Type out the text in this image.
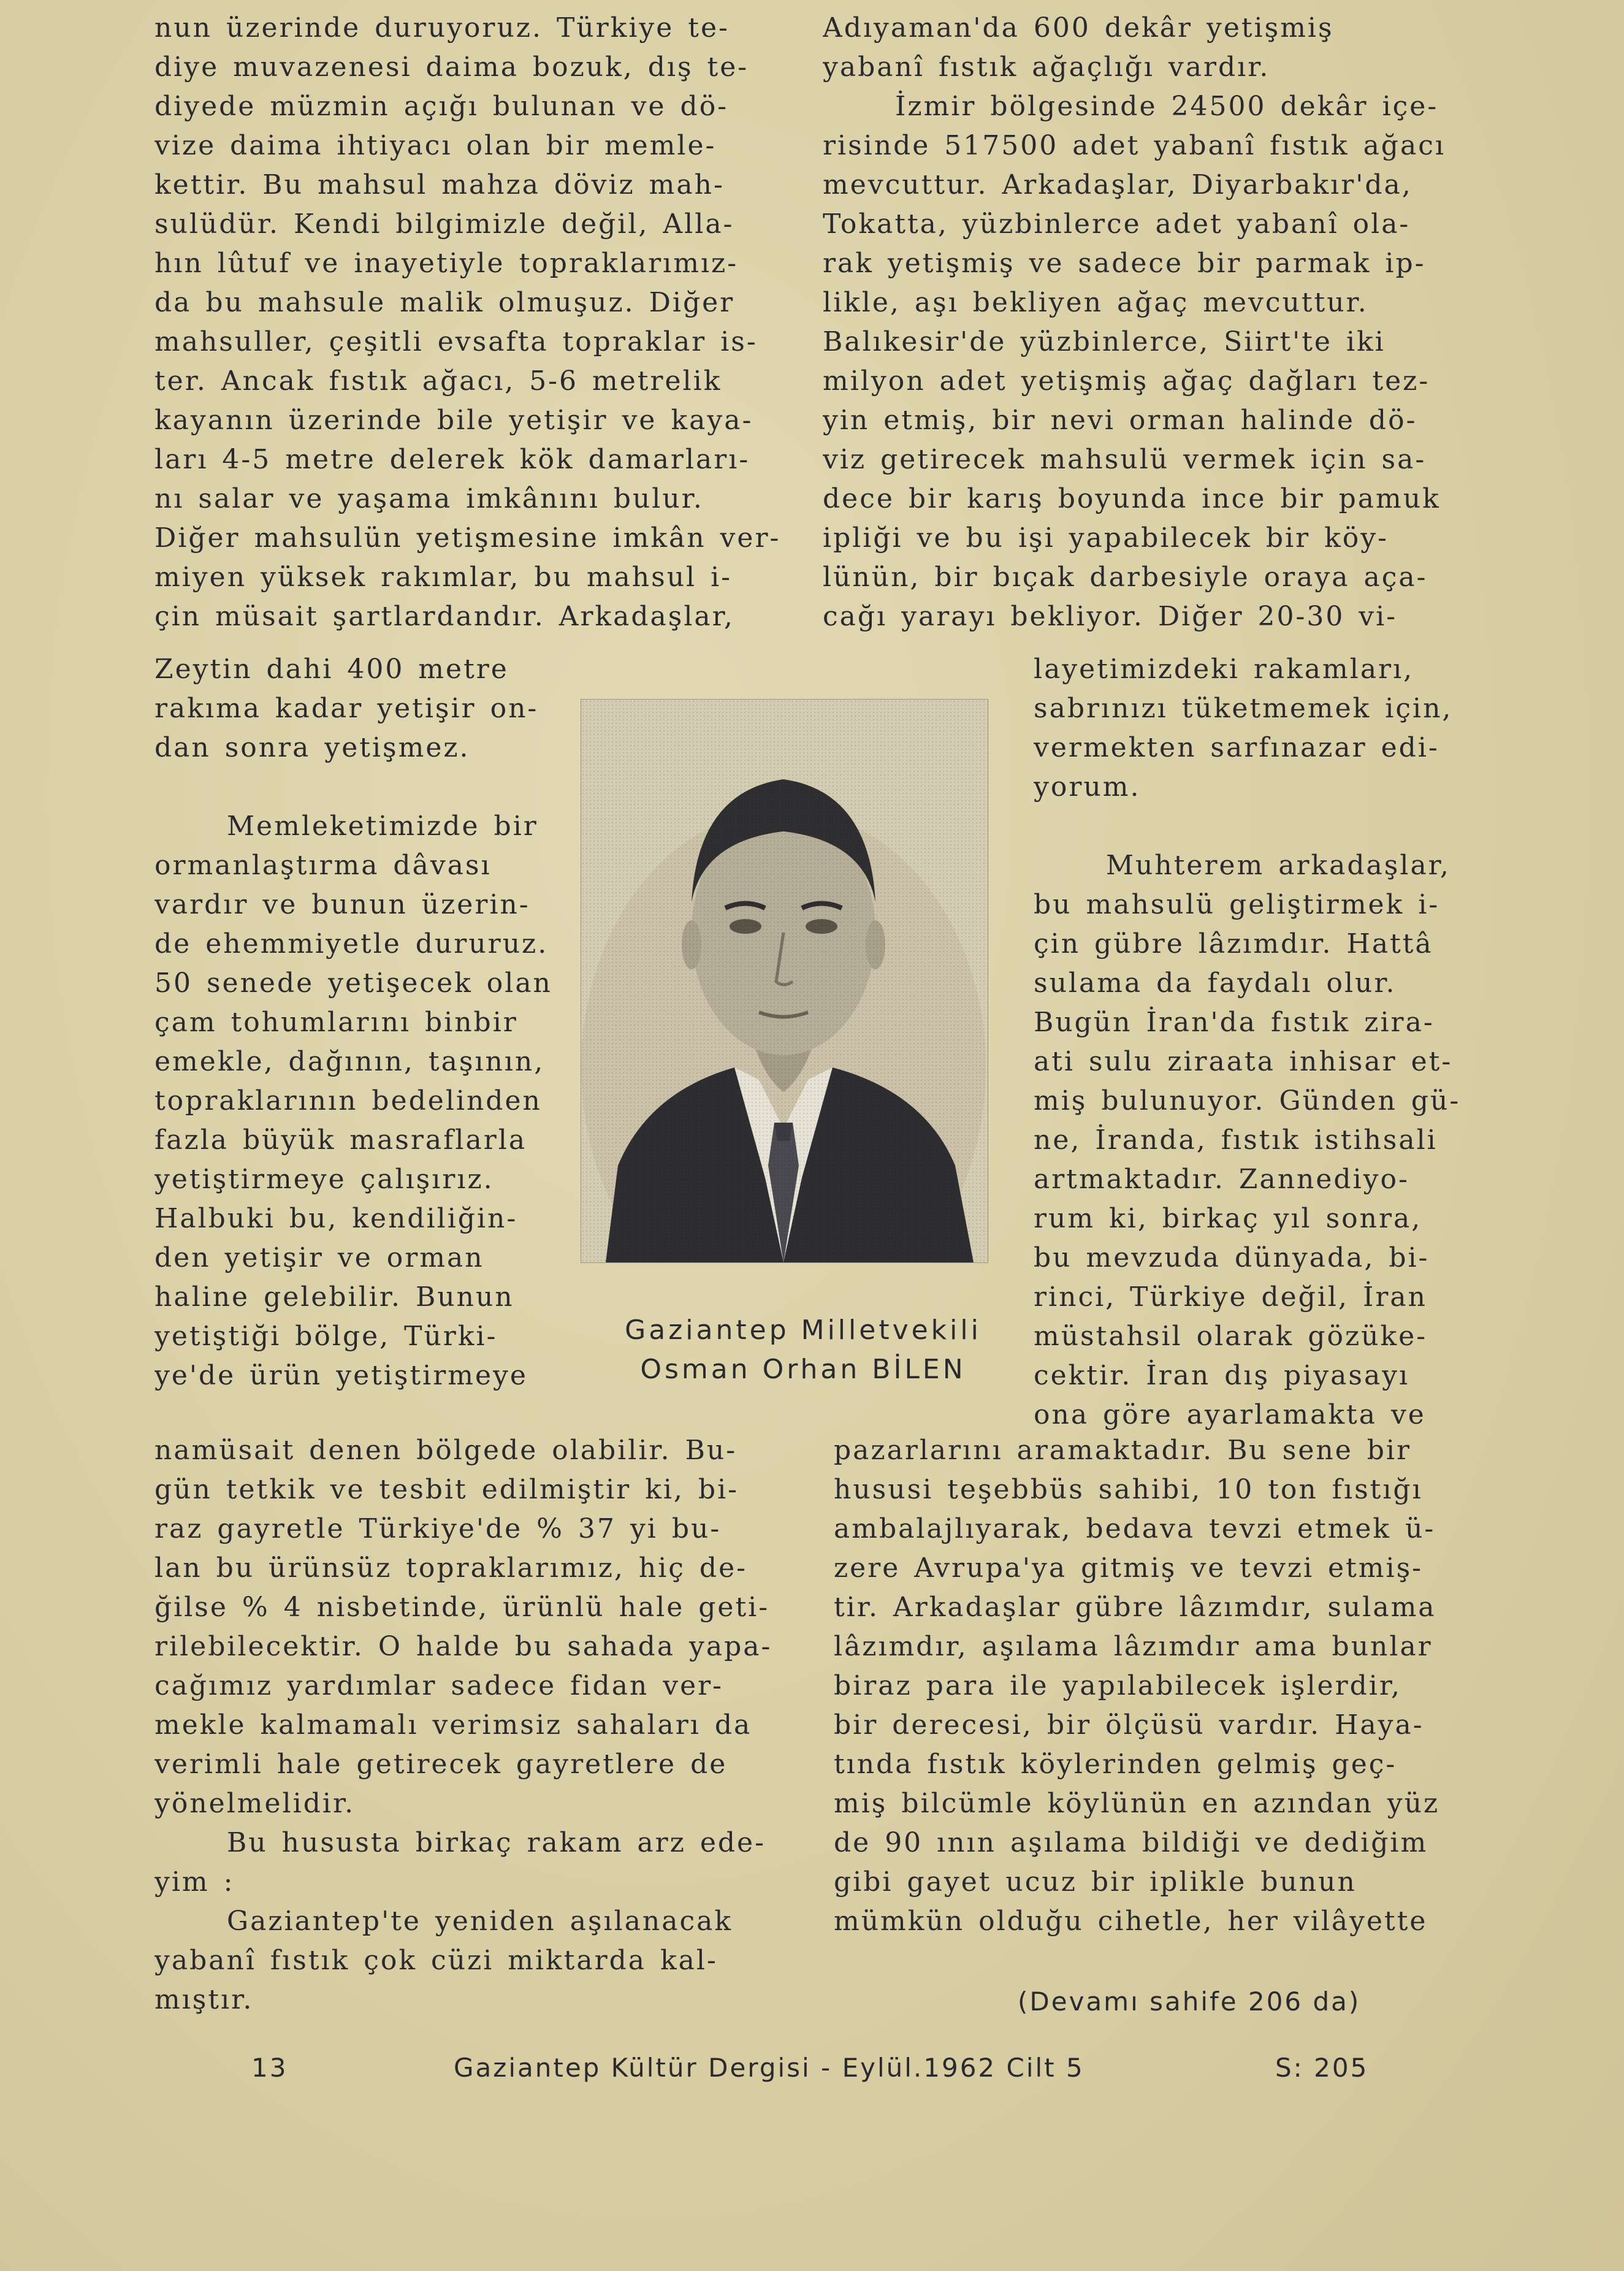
nun üzerinde duruyoruz. Türkiye te-
diye muvazenesi daima bozuk, dış te-
diyede müzmin açığı bulunan ve dö-
vize daima ihtiyacı olan bir memle-
kettir. Bu mahsul mahza döviz mah-
sulüdür. Kendi bilgimizle değil, Alla-
hın lûtuf ve inayetiyle topraklarımız-
da bu mahsule malik olmuşuz. Diğer
mahsuller, çeşitli evsafta topraklar is-
ter. Ancak fıstık ağacı, 5-6 metrelik
kayanın üzerinde bile yetişir ve kaya-
ları 4-5 metre delerek kök damarları-
nı salar ve yaşama imkânını bulur.
Diğer mahsulün yetişmesine imkân ver-
miyen yüksek rakımlar, bu mahsul i-
çin müsait şartlardandır. Arkadaşlar,
Zeytin dahi 400 metre
rakıma kadar yetişir on-
dan sonra yetişmez.
Memleketimizde bir
ormanlaştırma dâvası
vardır ve bunun üzerin-
de ehemmiyetle dururuz.
50 senede yetişecek olan
çam tohumlarını binbir
emekle, dağının, taşının,
topraklarının bedelinden
fazla büyük masraflarla
yetiştirmeye çalışırız.
Halbuki bu, kendiliğin-
den yetişir ve orman
haline gelebilir. Bunun
yetiştiği bölge, Türki-
ye'de ürün yetiştirmeye
namüsait denen bölgede olabilir. Bu-
gün tetkik ve tesbit edilmiştir ki, bi-
raz gayretle Türkiye'de % 37 yi bu-
lan bu ürünsüz topraklarımız, hiç de-
ğilse % 4 nisbetinde, ürünlü hale geti-
rilebilecektir. O halde bu sahada yapa-
cağımız yardımlar sadece fidan ver-
mekle kalmamalı verimsiz sahaları da
verimli hale getirecek gayretlere de
yönelmelidir.
Bu hususta birkaç rakam arz ede-
yim :
Gaziantep'te yeniden aşılanacak
yabanî fıstık çok cüzi miktarda kal-
mıştır.
Adıyaman'da 600 dekâr yetişmiş
yabanî fıstık ağaçlığı vardır.
İzmir bölgesinde 24500 dekâr içe-
risinde 517500 adet yabanî fıstık ağacı
mevcuttur. Arkadaşlar, Diyarbakır'da,
Tokatta, yüzbinlerce adet yabanî ola-
rak yetişmiş ve sadece bir parmak ip-
likle, aşı bekliyen ağaç mevcuttur.
Balıkesir'de yüzbinlerce, Siirt'te iki
milyon adet yetişmiş ağaç dağları tez-
yin etmiş, bir nevi orman halinde dö-
viz getirecek mahsulü vermek için sa-
dece bir karış boyunda ince bir pamuk
ipliği ve bu işi yapabilecek bir köy-
lünün, bir bıçak darbesiyle oraya aça-
cağı yarayı bekliyor. Diğer 20-30 vi-
layetimizdeki rakamları,
sabrınızı tüketmemek için,
vermekten sarfınazar edi-
yorum.
Muhterem arkadaşlar,
bu mahsulü geliştirmek i-
çin gübre lâzımdır. Hattâ
sulama da faydalı olur.
Bugün İran'da fıstık zira-
ati sulu ziraata inhisar et-
miş bulunuyor. Günden gü-
ne, İranda, fıstık istihsali
artmaktadır. Zannediyo-
rum ki, birkaç yıl sonra,
bu mevzuda dünyada, bi-
rinci, Türkiye değil, İran
müstahsil olarak gözüke-
cektir. İran dış piyasayı
ona göre ayarlamakta ve
pazarlarını aramaktadır. Bu sene bir
hususi teşebbüs sahibi, 10 ton fıstığı
ambalajlıyarak, bedava tevzi etmek ü-
zere Avrupa'ya gitmiş ve tevzi etmiş-
tir. Arkadaşlar gübre lâzımdır, sulama
lâzımdır, aşılama lâzımdır ama bunlar
biraz para ile yapılabilecek işlerdir,
bir derecesi, bir ölçüsü vardır. Haya-
tında fıstık köylerinden gelmiş geç-
miş bilcümle köylünün en azından yüz
de 90 ının aşılama bildiği ve dediğim
gibi gayet ucuz bir iplikle bunun
mümkün olduğu cihetle, her vilâyette
Gaziantep Milletvekili
Osman Orhan BİLEN
(Devamı sahife 206 da)
13	Gaziantep Kültür Dergisi - Eylül.1962 Cilt 5	S: 205
